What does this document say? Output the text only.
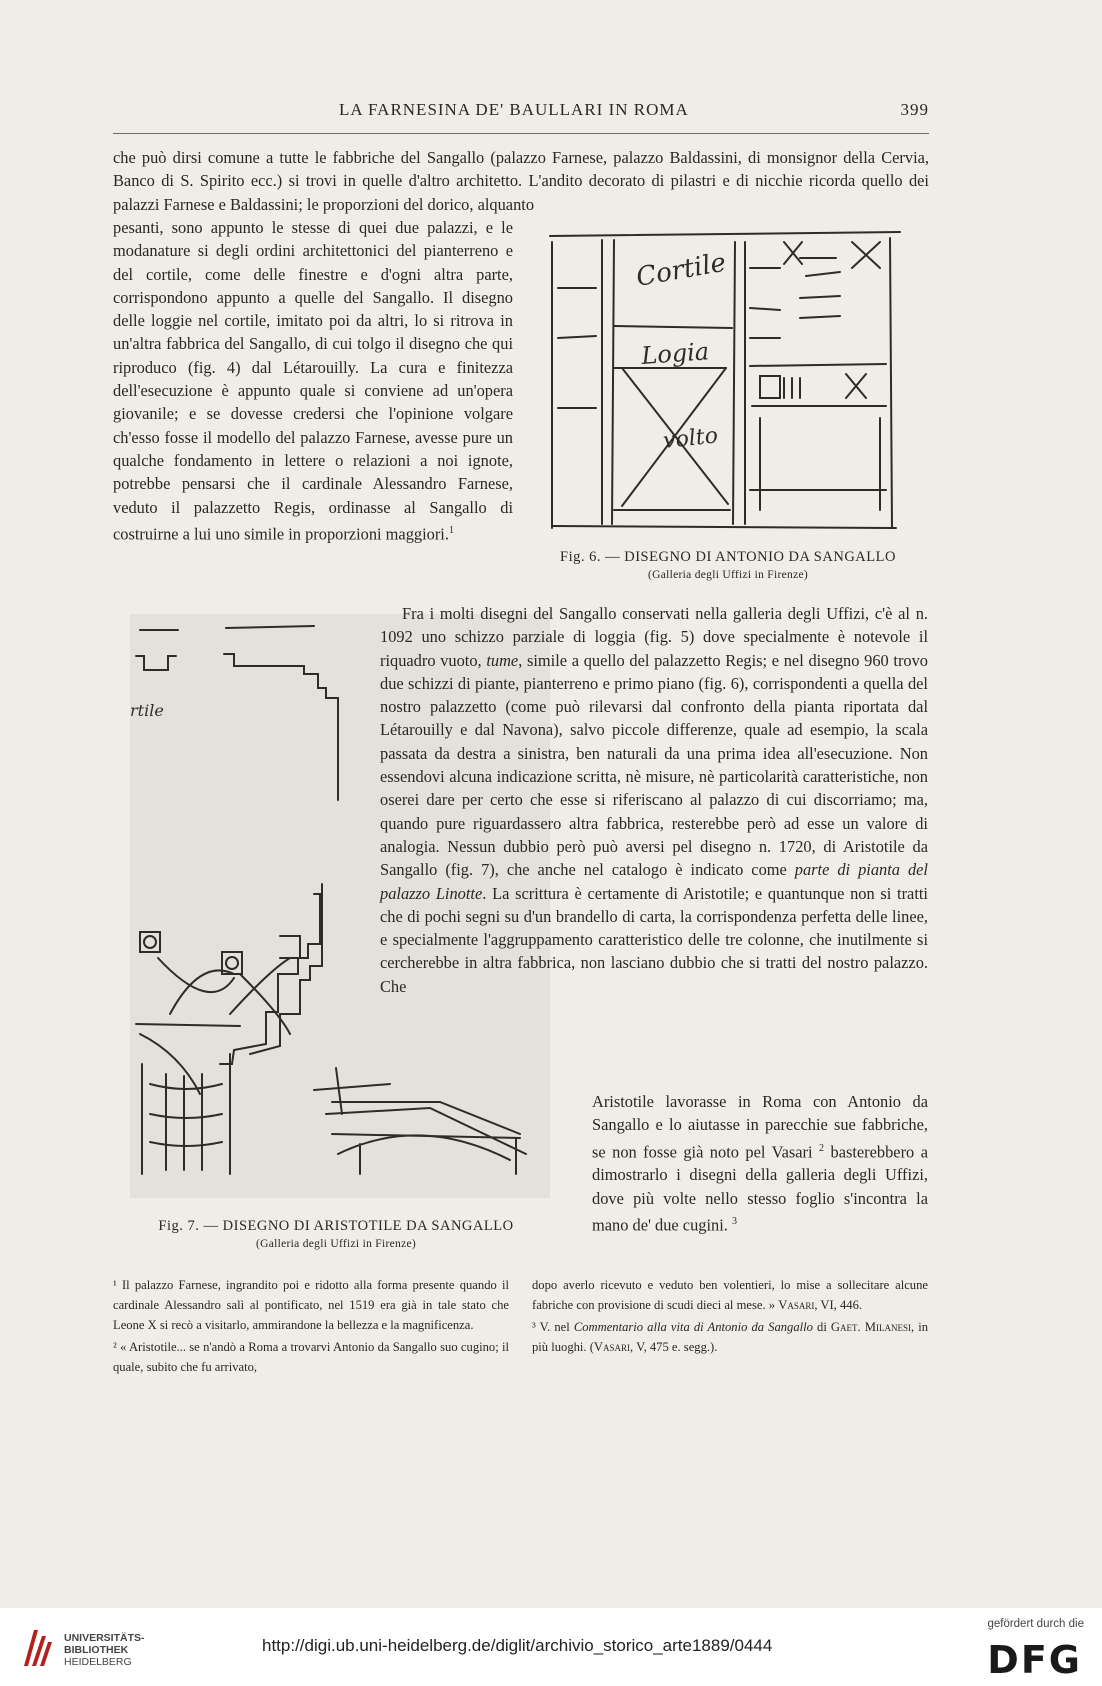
LA FARNESINA DE' BAULLARI IN ROMA	399
che può dirsi comune a tutte le fabbriche del Sangallo (palazzo Farnese, palazzo Baldassini, di monsignor della Cervia, Banco di S. Spirito ecc.) si trovi in quelle d'altro architetto. L'andito decorato di pilastri e di nicchie ricorda quello dei palazzi Farnese e Baldassini; le proporzioni del dorico, alquanto
pesanti, sono appunto le stesse di quei due palazzi, e le modanature si degli ordini architettonici del pianterreno e del cortile, come delle finestre e d'ogni altra parte, corrispondono appunto a quelle del Sangallo. Il disegno delle loggie nel cortile, imitato poi da altri, lo si ritrova in un'altra fabbrica del Sangallo, di cui tolgo il disegno che qui riproduco (fig. 4) dal Létarouilly. La cura e finitezza dell'esecuzione è appunto quale si conviene ad un'opera giovanile; e se dovesse credersi che l'opinione volgare ch'esso fosse il modello del palazzo Farnese, avesse pure un qualche fondamento in lettere o relazioni a noi ignote, potrebbe pensarsi che il cardinale Alessandro Farnese, veduto il palazzetto Regis, ordinasse al Sangallo di costruirne a lui uno simile in proporzioni maggiori.$^1$
Cortile
Logia
volto
Fig. 6. — DISEGNO DI ANTONIO DA SANGALLO
(Galleria degli Uffizi in Firenze)
rtile
Fra i molti disegni del Sangallo conservati nella galleria degli Uffizi, c'è al n. 1092 uno schizzo parziale di loggia (fig. 5) dove specialmente è notevole il riquadro vuoto, tume, simile a quello del palazzetto Regis; e nel disegno 960 trovo due schizzi di piante, pianterreno e primo piano (fig. 6), corrispondenti a quella del nostro palazzetto (come può rilevarsi dal confronto della pianta riportata dal Létarouilly e dal Navona), salvo piccole differenze, quale ad esempio, la scala passata da destra a sinistra, ben naturali da una prima idea all'esecuzione. Non essendovi alcuna indicazione scritta, nè misure, nè particolarità caratteristiche, non oserei dare per certo che esse si riferiscano al palazzo di cui discorriamo; ma, quando pure riguardassero altra fabbrica, resterebbe però ad esse un valore di analogia. Nessun dubbio però può aversi pel disegno n. 1720, di Aristotile da Sangallo (fig. 7), che anche nel catalogo è indicato come parte di pianta del palazzo Linotte. La scrittura è certamente di Aristotile; e quantunque non si tratti che di pochi segni su d'un brandello di carta, la corrispondenza perfetta delle linee, e specialmente l'aggruppamento caratteristico delle tre colonne, che inutilmente si cercherebbe in altra fabbrica, non lasciano dubbio che si tratti del nostro palazzo. Che
Aristotile lavorasse in Roma con Antonio da Sangallo e lo aiutasse in parecchie sue fabbriche, se non fosse già noto pel Vasari $^2$ basterebbero a dimostrarlo i disegni della galleria degli Uffizi, dove più volte nello stesso foglio s'incontra la mano de' due cugini. $^3$
Fig. 7. — DISEGNO DI ARISTOTILE DA SANGALLO
(Galleria degli Uffizi in Firenze)
¹ Il palazzo Farnese, ingrandito poi e ridotto alla forma presente quando il cardinale Alessandro salì al pontificato, nel 1519 era già in tale stato che Leone X si recò a visitarlo, ammirandone la bellezza e la magnificenza.
² « Aristotile... se n'andò a Roma a trovarvi Antonio da Sangallo suo cugino; il quale, subito che fu arrivato,
dopo averlo ricevuto e veduto ben volentieri, lo mise a sollecitare alcune fabriche con provisione di scudi dieci al mese. » Vasari, VI, 446.
³ V. nel Commentario alla vita di Antonio da Sangallo di Gaet. Milanesi, in più luoghi. (Vasari, V, 475 e. segg.).
UNIVERSITÄTS-
BIBLIOTHEK
HEIDELBERG
http://digi.ub.uni-heidelberg.de/diglit/archivio_storico_arte1889/0444
gefördert durch die
DFG
